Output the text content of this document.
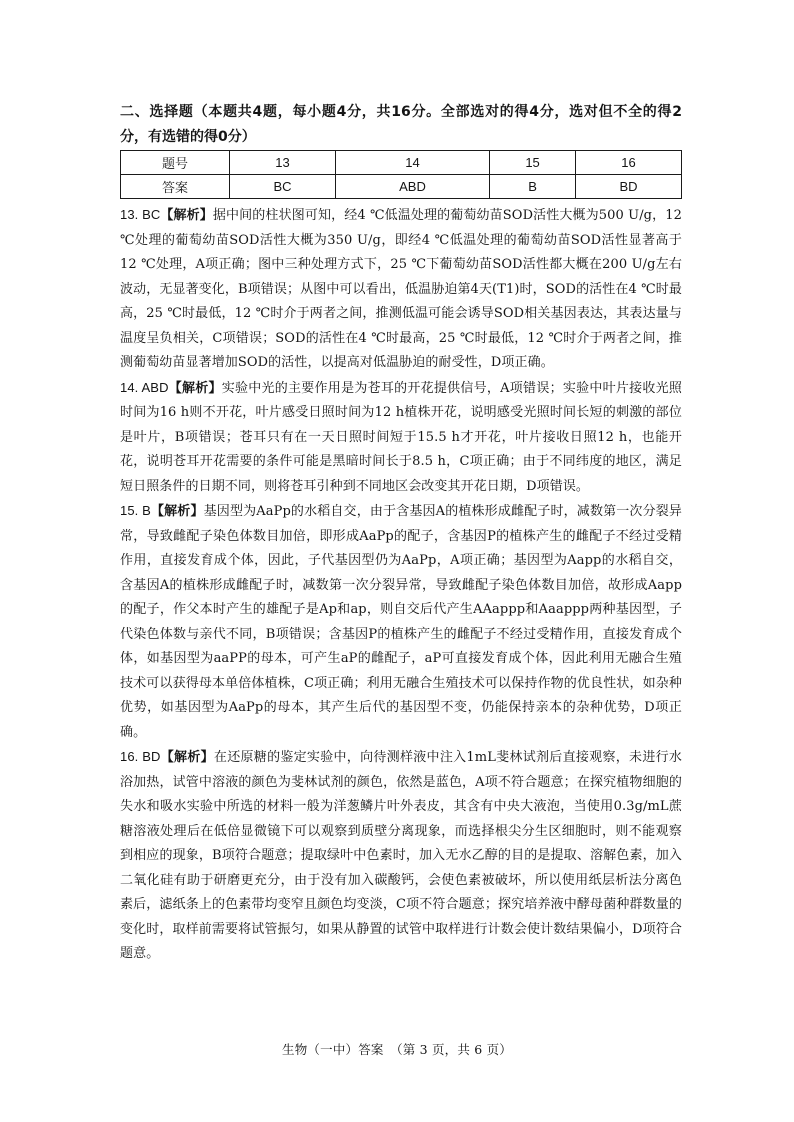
二、选择题（本题共4题，每小题4分，共16分。全部选对的得4分，选对但不全的得2分，有选错的得0分）

题号	13	14	15	16
答案	BC	ABD	B	BD

13. BC【解析】据中间的柱状图可知，经4 ℃低温处理的葡萄幼苗SOD活性大概为500 U/g，12 ℃处理的葡萄幼苗SOD活性大概为350 U/g，即经4 ℃低温处理的葡萄幼苗SOD活性显著高于12 ℃处理，A项正确；图中三种处理方式下，25 ℃下葡萄幼苗SOD活性都大概在200 U/g左右波动，无显著变化，B项错误；从图中可以看出，低温胁迫第4天(T1)时，SOD的活性在4 ℃时最高，25 ℃时最低，12 ℃时介于两者之间，推测低温可能会诱导SOD相关基因表达，其表达量与温度呈负相关，C项错误；SOD的活性在4 ℃时最高，25 ℃时最低，12 ℃时介于两者之间，推测葡萄幼苗显著增加SOD的活性，以提高对低温胁迫的耐受性，D项正确。

14. ABD【解析】实验中光的主要作用是为苍耳的开花提供信号，A项错误；实验中叶片接收光照时间为16 h则不开花，叶片感受日照时间为12 h植株开花，说明感受光照时间长短的刺激的部位是叶片，B项错误；苍耳只有在一天日照时间短于15.5 h才开花，叶片接收日照12 h，也能开花，说明苍耳开花需要的条件可能是黑暗时间长于8.5 h，C项正确；由于不同纬度的地区，满足短日照条件的日期不同，则将苍耳引种到不同地区会改变其开花日期，D项错误。

15. B【解析】基因型为AaPp的水稻自交，由于含基因A的植株形成雌配子时，减数第一次分裂异常，导致雌配子染色体数目加倍，即形成AaPp的配子，含基因P的植株产生的雌配子不经过受精作用，直接发育成个体，因此，子代基因型仍为AaPp，A项正确；基因型为Aapp的水稻自交，含基因A的植株形成雌配子时，减数第一次分裂异常，导致雌配子染色体数目加倍，故形成Aapp的配子，作父本时产生的雄配子是Ap和ap，则自交后代产生AAappp和Aaappp两种基因型，子代染色体数与亲代不同，B项错误；含基因P的植株产生的雌配子不经过受精作用，直接发育成个体，如基因型为aaPP的母本，可产生aP的雌配子，aP可直接发育成个体，因此利用无融合生殖技术可以获得母本单倍体植株，C项正确；利用无融合生殖技术可以保持作物的优良性状，如杂种优势，如基因型为AaPp的母本，其产生后代的基因型不变，仍能保持亲本的杂种优势，D项正确。

16. BD【解析】在还原糖的鉴定实验中，向待测样液中注入1mL斐林试剂后直接观察，未进行水浴加热，试管中溶液的颜色为斐林试剂的颜色，依然是蓝色，A项不符合题意；在探究植物细胞的失水和吸水实验中所选的材料一般为洋葱鳞片叶外表皮，其含有中央大液泡，当使用0.3g/mL蔗糖溶液处理后在低倍显微镜下可以观察到质壁分离现象，而选择根尖分生区细胞时，则不能观察到相应的现象，B项符合题意；提取绿叶中色素时，加入无水乙醇的目的是提取、溶解色素，加入二氧化硅有助于研磨更充分，由于没有加入碳酸钙，会使色素被破坏，所以使用纸层析法分离色素后，滤纸条上的色素带均变窄且颜色均变淡，C项不符合题意；探究培养液中酵母菌种群数量的变化时，取样前需要将试管振匀，如果从静置的试管中取样进行计数会使计数结果偏小，D项符合题意。

生物（一中）答案　（第 3 页，共 6 页）
